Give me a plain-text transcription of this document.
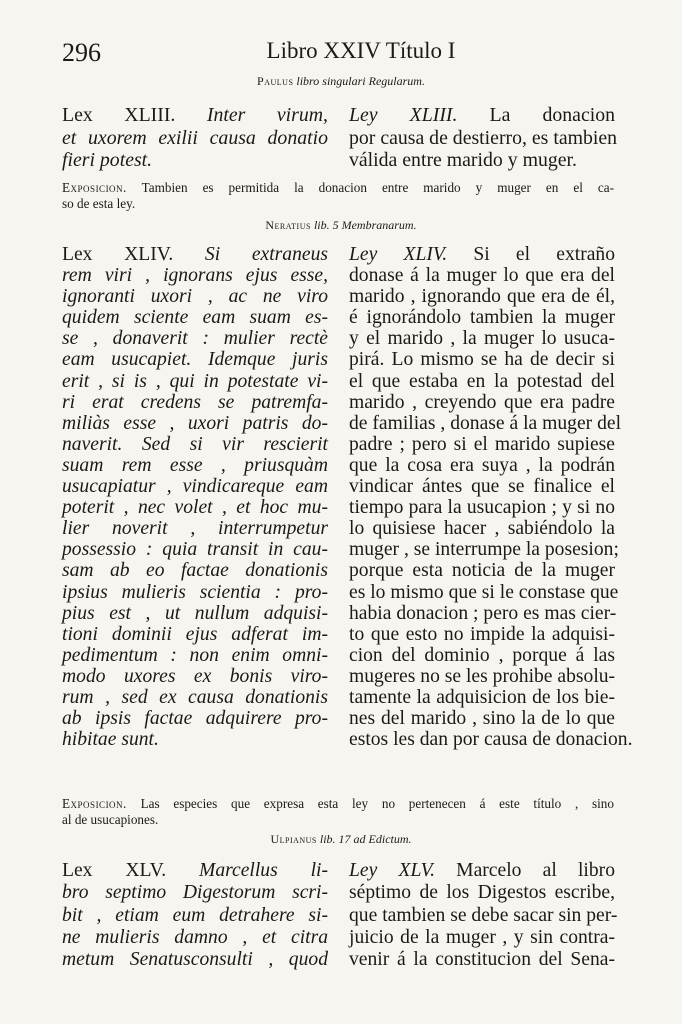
296	Libro XXIV Título I
Paulus libro singulari Regularum.
Lex XLIII. Inter virum,
et uxorem exilii causa donatio
fieri potest.
Ley XLIII. La donacion
por causa de destierro, es tambien
válida entre marido y muger.
Exposicion. Tambien es permitida la donacion entre marido y muger en el ca-
so de esta ley.
Neratius lib. 5 Membranarum.
Lex XLIV. Si extraneus
rem viri , ignorans ejus esse,
ignoranti uxori , ac ne viro
quidem sciente eam suam es-
se , donaverit : mulier rectè
eam usucapiet. Idemque juris
erit , si is , qui in potestate vi-
ri erat credens se patremfa-
miliàs esse , uxori patris do-
naverit. Sed si vir rescierit
suam rem esse , priusquàm
usucapiatur , vindicareque eam
poterit , nec volet , et hoc mu-
lier noverit , interrumpetur
possessio : quia transit in cau-
sam ab eo factae donationis
ipsius mulieris scientia : pro-
pius est , ut nullum adquisi-
tioni dominii ejus adferat im-
pedimentum : non enim omni-
modo uxores ex bonis viro-
rum , sed ex causa donationis
ab ipsis factae adquirere pro-
hibitae sunt.
Ley XLIV. Si el extraño
donase á la muger lo que era del
marido , ignorando que era de él,
é ignorándolo tambien la muger
y el marido , la muger lo usuca-
pirá. Lo mismo se ha de decir si
el que estaba en la potestad del
marido , creyendo que era padre
de familias , donase á la muger del
padre ; pero si el marido supiese
que la cosa era suya , la podrán
vindicar ántes que se finalice el
tiempo para la usucapion ; y si no
lo quisiese hacer , sabiéndolo la
muger , se interrumpe la posesion;
porque esta noticia de la muger
es lo mismo que si le constase que
habia donacion ; pero es mas cier-
to que esto no impide la adquisi-
cion del dominio , porque á las
mugeres no se les prohibe absolu-
tamente la adquisicion de los bie-
nes del marido , sino la de lo que
estos les dan por causa de donacion.
Exposicion. Las especies que expresa esta ley no pertenecen á este título , sino
al de usucapiones.
Ulpianus lib. 17 ad Edictum.
Lex XLV. Marcellus li-
bro septimo Digestorum scri-
bit , etiam eum detrahere si-
ne mulieris damno , et citra
metum Senatusconsulti , quod
Ley XLV. Marcelo al libro
séptimo de los Digestos escribe,
que tambien se debe sacar sin per-
juicio de la muger , y sin contra-
venir á la constitucion del Sena-
